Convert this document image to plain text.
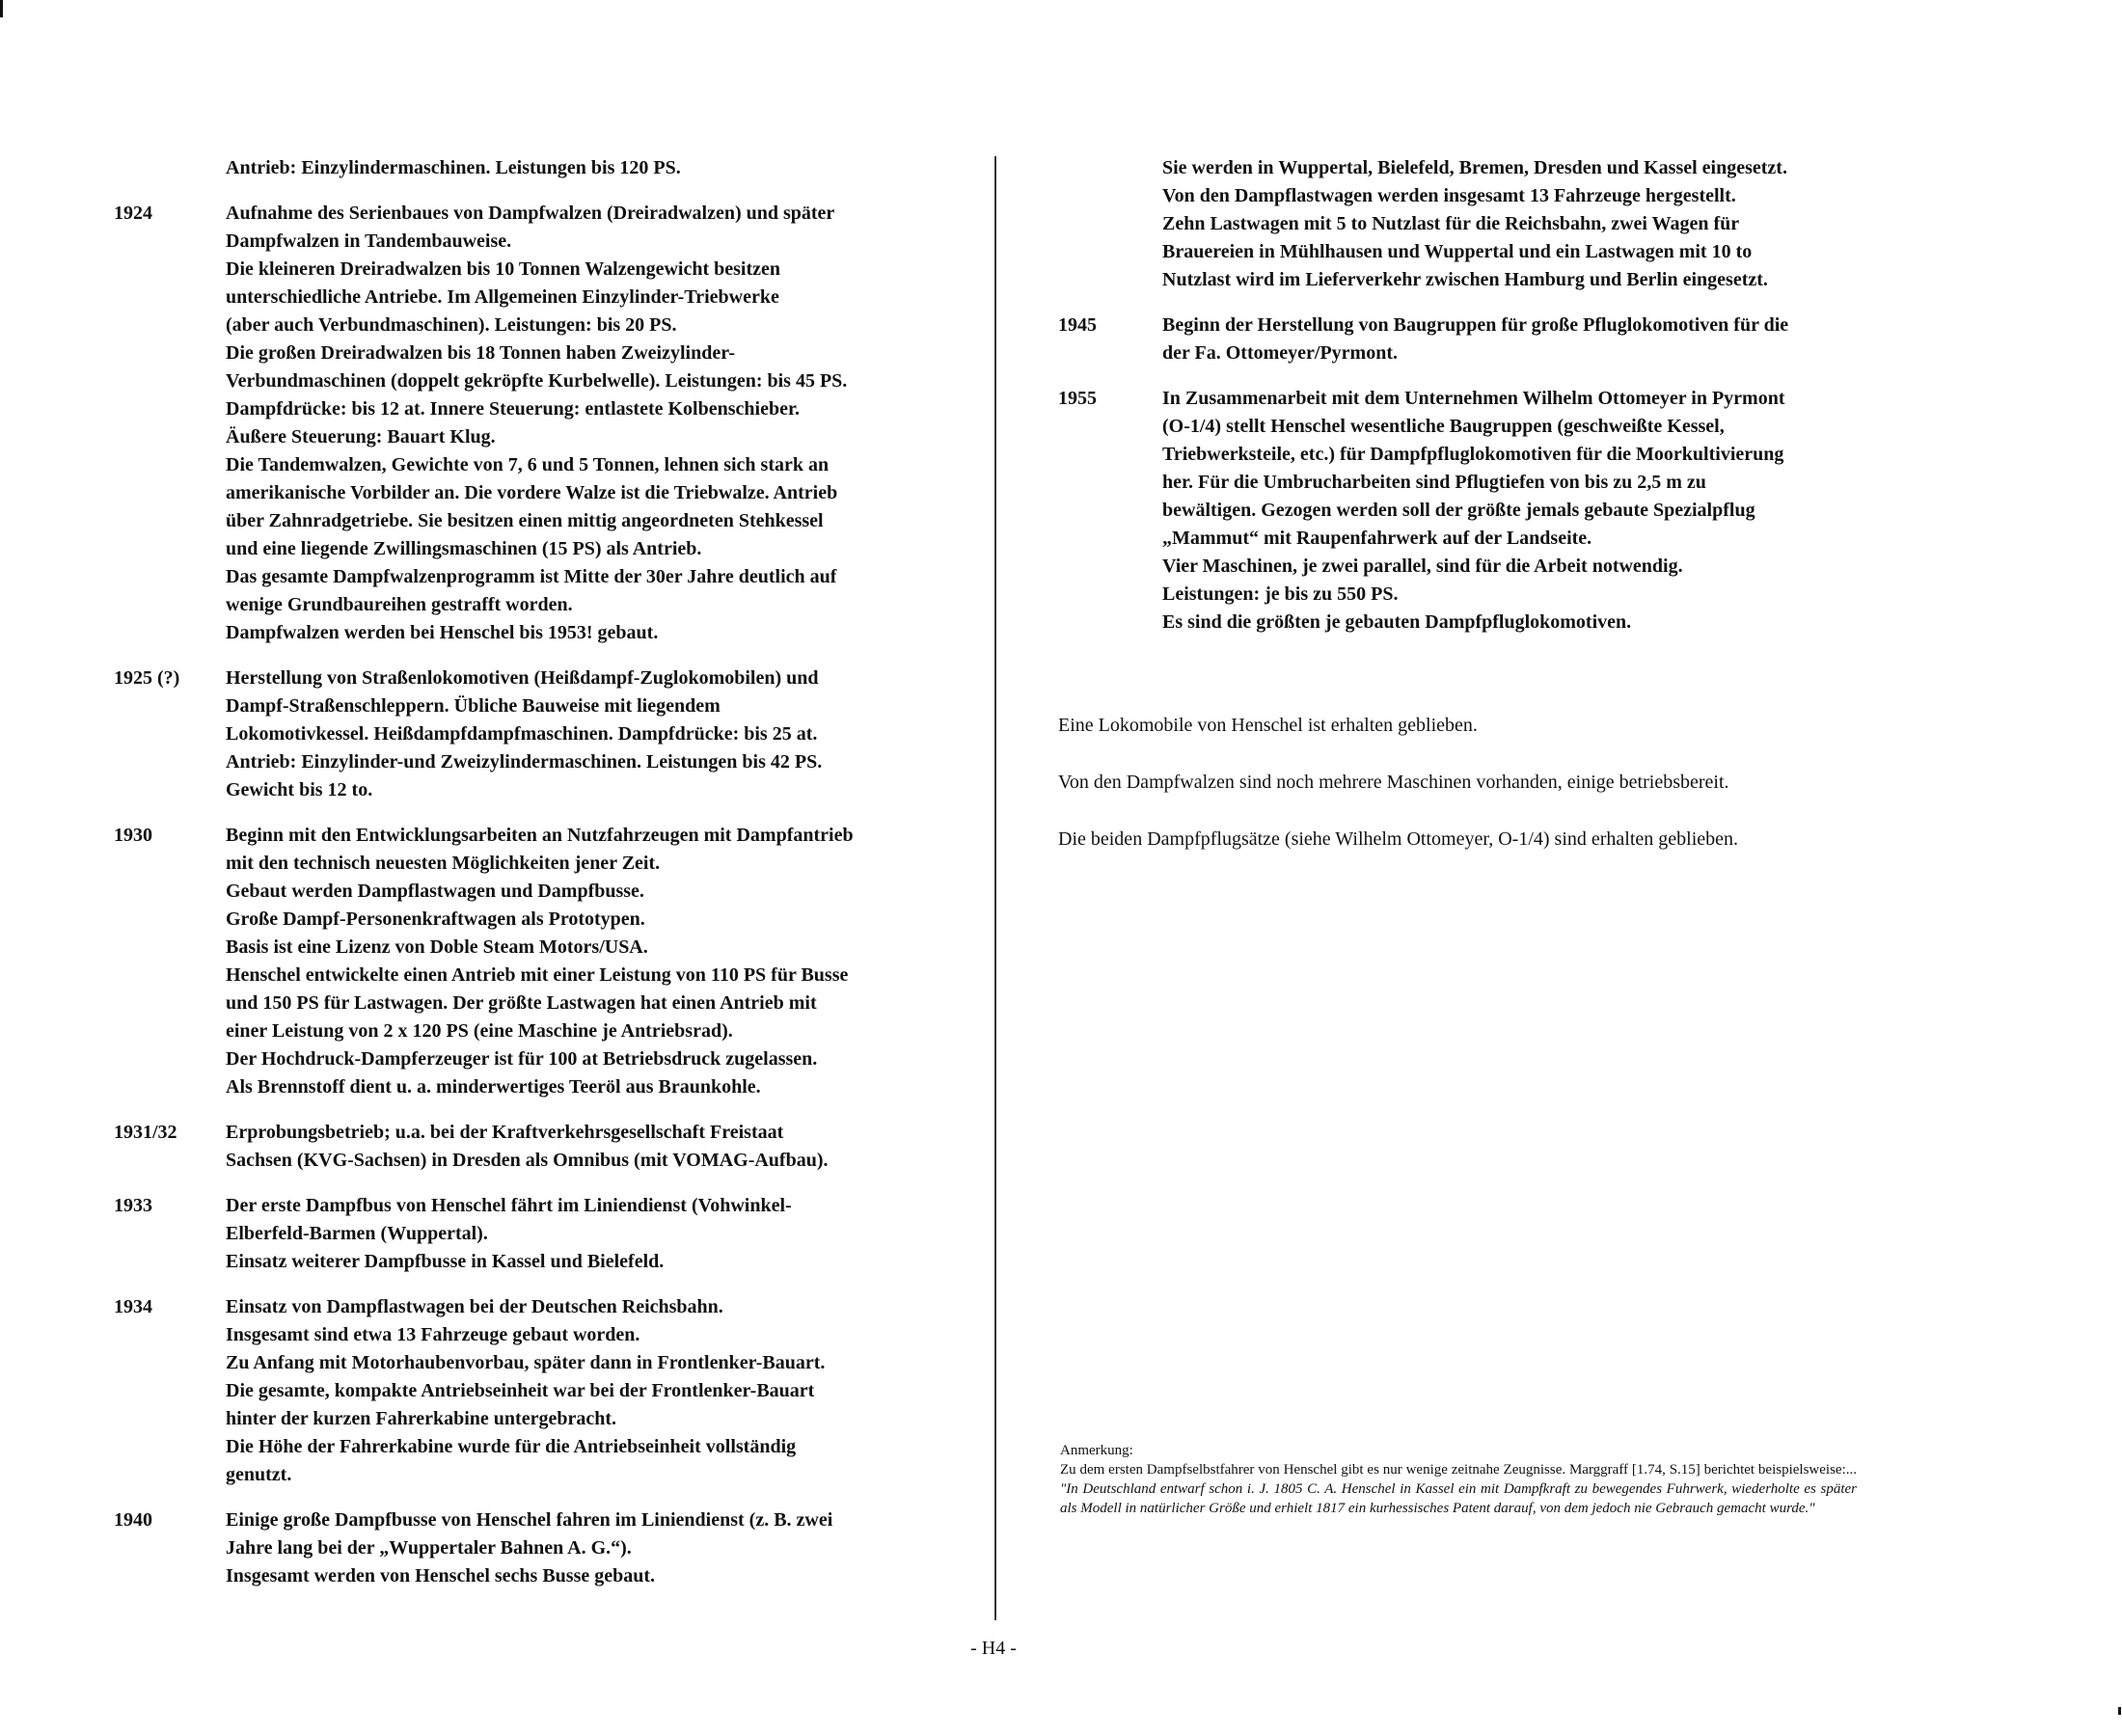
Antrieb: Einzylindermaschinen. Leistungen bis 120 PS.
1924	Aufnahme des Serienbaues von Dampfwalzen (Dreiradwalzen) und später
Dampfwalzen in Tandembauweise.
Die kleineren Dreiradwalzen bis 10 Tonnen Walzengewicht besitzen
unterschiedliche Antriebe. Im Allgemeinen Einzylinder-Triebwerke
(aber auch Verbundmaschinen). Leistungen: bis 20 PS.
Die großen Dreiradwalzen bis 18 Tonnen haben Zweizylinder-
Verbundmaschinen (doppelt gekröpfte Kurbelwelle). Leistungen: bis 45 PS.
Dampfdrücke: bis 12 at. Innere Steuerung: entlastete Kolbenschieber.
Äußere Steuerung: Bauart Klug.
Die Tandemwalzen, Gewichte von 7, 6 und 5 Tonnen, lehnen sich stark an
amerikanische Vorbilder an. Die vordere Walze ist die Triebwalze. Antrieb
über Zahnradgetriebe. Sie besitzen einen mittig angeordneten Stehkessel
und eine liegende Zwillingsmaschinen (15 PS) als Antrieb.
Das gesamte Dampfwalzenprogramm ist Mitte der 30er Jahre deutlich auf
wenige Grundbaureihen gestrafft worden.
Dampfwalzen werden bei Henschel bis 1953! gebaut.
1925 (?)	Herstellung von Straßenlokomotiven (Heißdampf-Zuglokomobilen) und
Dampf-Straßenschleppern. Übliche Bauweise mit liegendem
Lokomotivkessel. Heißdampfdampfmaschinen. Dampfdrücke: bis 25 at.
Antrieb: Einzylinder-und Zweizylindermaschinen. Leistungen bis 42 PS.
Gewicht bis 12 to.
1930	Beginn mit den Entwicklungsarbeiten an Nutzfahrzeugen mit Dampfantrieb
mit den technisch neuesten Möglichkeiten jener Zeit.
Gebaut werden Dampflastwagen und Dampfbusse.
Große Dampf-Personenkraftwagen als Prototypen.
Basis ist eine Lizenz von Doble Steam Motors/USA.
Henschel entwickelte einen Antrieb mit einer Leistung von 110 PS für Busse
und 150 PS für Lastwagen. Der größte Lastwagen hat einen Antrieb mit
einer Leistung von 2 x 120 PS (eine Maschine je Antriebsrad).
Der Hochdruck-Dampferzeuger ist für 100 at Betriebsdruck zugelassen.
Als Brennstoff dient u. a. minderwertiges Teeröl aus Braunkohle.
1931/32	Erprobungsbetrieb; u.a. bei der Kraftverkehrsgesellschaft Freistaat
Sachsen (KVG-Sachsen) in Dresden als Omnibus (mit VOMAG-Aufbau).
1933	Der erste Dampfbus von Henschel fährt im Liniendienst (Vohwinkel-
Elberfeld-Barmen (Wuppertal).
Einsatz weiterer Dampfbusse in Kassel und Bielefeld.
1934	Einsatz von Dampflastwagen bei der Deutschen Reichsbahn.
Insgesamt sind etwa 13 Fahrzeuge gebaut worden.
Zu Anfang mit Motorhaubenvorbau, später dann in Frontlenker-Bauart.
Die gesamte, kompakte Antriebseinheit war bei der Frontlenker-Bauart
hinter der kurzen Fahrerkabine untergebracht.
Die Höhe der Fahrerkabine wurde für die Antriebseinheit vollständig
genutzt.
1940	Einige große Dampfbusse von Henschel fahren im Liniendienst (z. B. zwei
Jahre lang bei der „Wuppertaler Bahnen A. G.“).
Insgesamt werden von Henschel sechs Busse gebaut.
Sie werden in Wuppertal, Bielefeld, Bremen, Dresden und Kassel eingesetzt.
Von den Dampflastwagen werden insgesamt 13 Fahrzeuge hergestellt.
Zehn Lastwagen mit 5 to Nutzlast für die Reichsbahn, zwei Wagen für
Brauereien in Mühlhausen und Wuppertal und ein Lastwagen mit 10 to
Nutzlast wird im Lieferverkehr zwischen Hamburg und Berlin eingesetzt.
1945	Beginn der Herstellung von Baugruppen für große Pfluglokomotiven für die
der Fa. Ottomeyer/Pyrmont.
1955	In Zusammenarbeit mit dem Unternehmen Wilhelm Ottomeyer in Pyrmont
(O-1/4) stellt Henschel wesentliche Baugruppen (geschweißte Kessel,
Triebwerksteile, etc.) für Dampfpfluglokomotiven für die Moorkultivierung
her. Für die Umbrucharbeiten sind Pflugtiefen von bis zu 2,5 m zu
bewältigen. Gezogen werden soll der größte jemals gebaute Spezialpflug
„Mammut“ mit Raupenfahrwerk auf der Landseite.
Vier Maschinen, je zwei parallel, sind für die Arbeit notwendig.
Leistungen: je bis zu 550 PS.
Es sind die größten je gebauten Dampfpfluglokomotiven.
Eine Lokomobile von Henschel ist erhalten geblieben.
Von den Dampfwalzen sind noch mehrere Maschinen vorhanden, einige betriebsbereit.
Die beiden Dampfpflugsätze (siehe Wilhelm Ottomeyer, O-1/4) sind erhalten geblieben.
Anmerkung:
Zu dem ersten Dampfselbstfahrer von Henschel gibt es nur wenige zeitnahe Zeugnisse. Marggraff [1.74, S.15] berichtet beispielsweise:... "In Deutschland entwarf schon i. J. 1805 C. A. Henschel in Kassel ein mit Dampfkraft zu bewegendes Fuhrwerk, wiederholte es später als Modell in natürlicher Größe und erhielt 1817 ein kurhessisches Patent darauf, von dem jedoch nie Gebrauch gemacht wurde."
- H4 -
